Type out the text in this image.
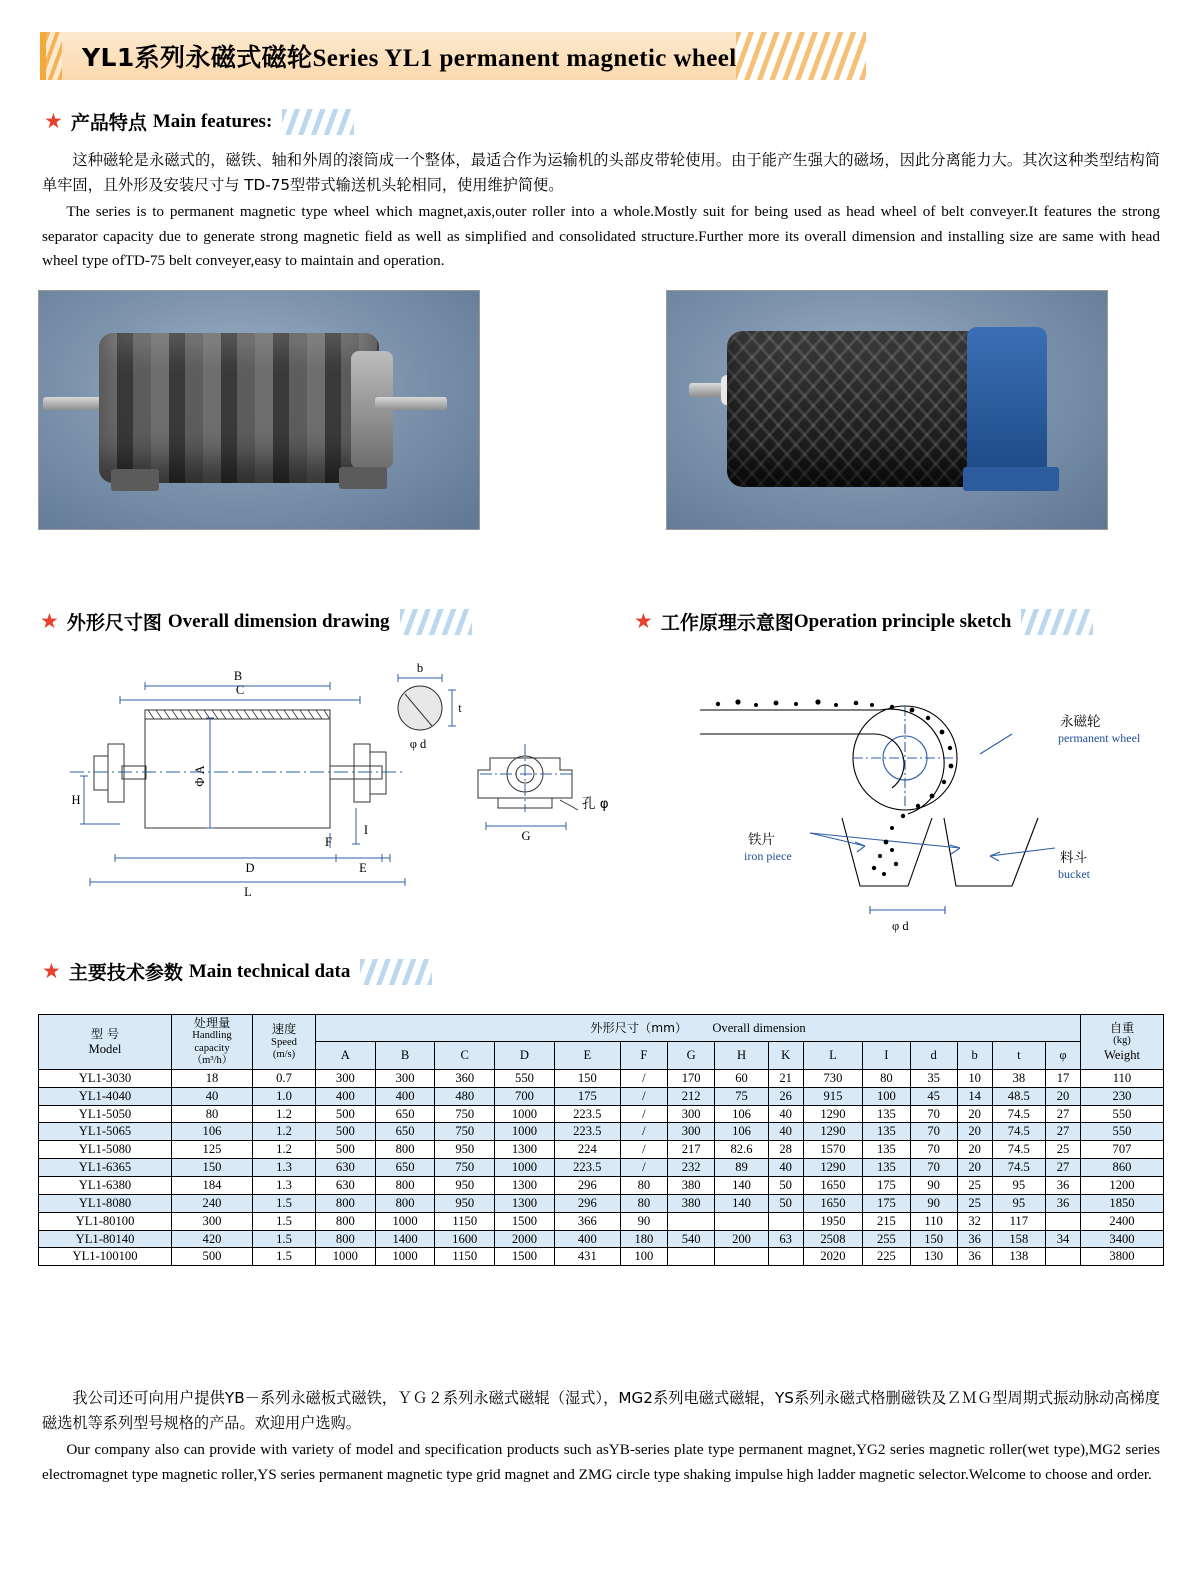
YL1系列永磁式磁轮Series YL1 permanent magnetic wheel
★ 产品特点 Main features:

这种磁轮是永磁式的，磁铁、轴和外周的滚筒成一个整体，最适合作为运输机的头部皮带轮使用。由于能产生强大的磁场，因此分离能力大。其次这种类型结构简单牢固，且外形及安装尺寸与 TD-75型带式输送机头轮相同，使用维护简便。

The series is to permanent magnetic type wheel which magnet,axis,outer roller into a whole.Mostly suit for being used as head wheel of belt conveyer.It features the strong separator capacity due to generate strong magnetic field as well as simplified and consolidated structure.Further more its overall dimension and installing size are same with head wheel type ofTD-75 belt conveyer,easy to maintain and operation.

★ 外形尺寸图 Overall dimension drawing	★ 工作原理示意图 Operation principle sketch
C
B
D
L
E
F
I
H
b
t
φ d
G
Φ A
孔 φ
永磁轮
铁片
料斗
permanent wheel
iron piece
bucket
φ d
★ 主要技术参数 Main technical data
型 号
Model

处理量
Handling capacity
（m³/h）

速度
Speed
(m/s)
	外形尺寸（mm） Overall dimension	自重
(kg)
Weight

			A	B	C	D	E	F	G	H	K	L	I	d	b	t	φ	
YL1-3030	18	0.7	300	300	360	550	150	/	170	60	21	730	80	35	10	38	17	110
YL1-4040	40	1.0	400	400	480	700	175	/	212	75	26	915	100	45	14	48.5	20	230
YL1-5050	80	1.2	500	650	750	1000	223.5	/	300	106	40	1290	135	70	20	74.5	27	550
YL1-5065	106	1.2	500	650	750	1000	223.5	/	300	106	40	1290	135	70	20	74.5	27	550
YL1-5080	125	1.2	500	800	950	1300	224	/	217	82.6	28	1570	135	70	20	74.5	25	707
YL1-6365	150	1.3	630	650	750	1000	223.5	/	232	89	40	1290	135	70	20	74.5	27	860
YL1-6380	184	1.3	630	800	950	1300	296	80	380	140	50	1650	175	90	25	95	36	1200
YL1-8080	240	1.5	800	800	950	1300	296	80	380	140	50	1650	175	90	25	95	36	1850
YL1-80100	300	1.5	800	1000	1150	1500	366	90				1950	215	110	32	117		2400
YL1-80140	420	1.5	800	1400	1600	2000	400	180	540	200	63	2508	255	150	36	158	34	3400
YL1-100100	500	1.5	1000	1000	1150	1500	431	100				2020	225	130	36	138		3800

我公司还可向用户提供YB－系列永磁板式磁铁，ＹＧ２系列永磁式磁辊（湿式），MG2系列电磁式磁辊，YS系列永磁式格删磁铁及ＺＭＧ型周期式振动脉动高梯度磁选机等系列型号规格的产品。欢迎用户选购。

Our company also can provide with variety of model and specification products such asYB-series plate type permanent magnet,YG2 series magnetic roller(wet type),MG2 series electromagnet type magnetic roller,YS series permanent magnetic type grid magnet and ZMG circle type shaking impulse high ladder magnetic selector.Welcome to choose and order.
